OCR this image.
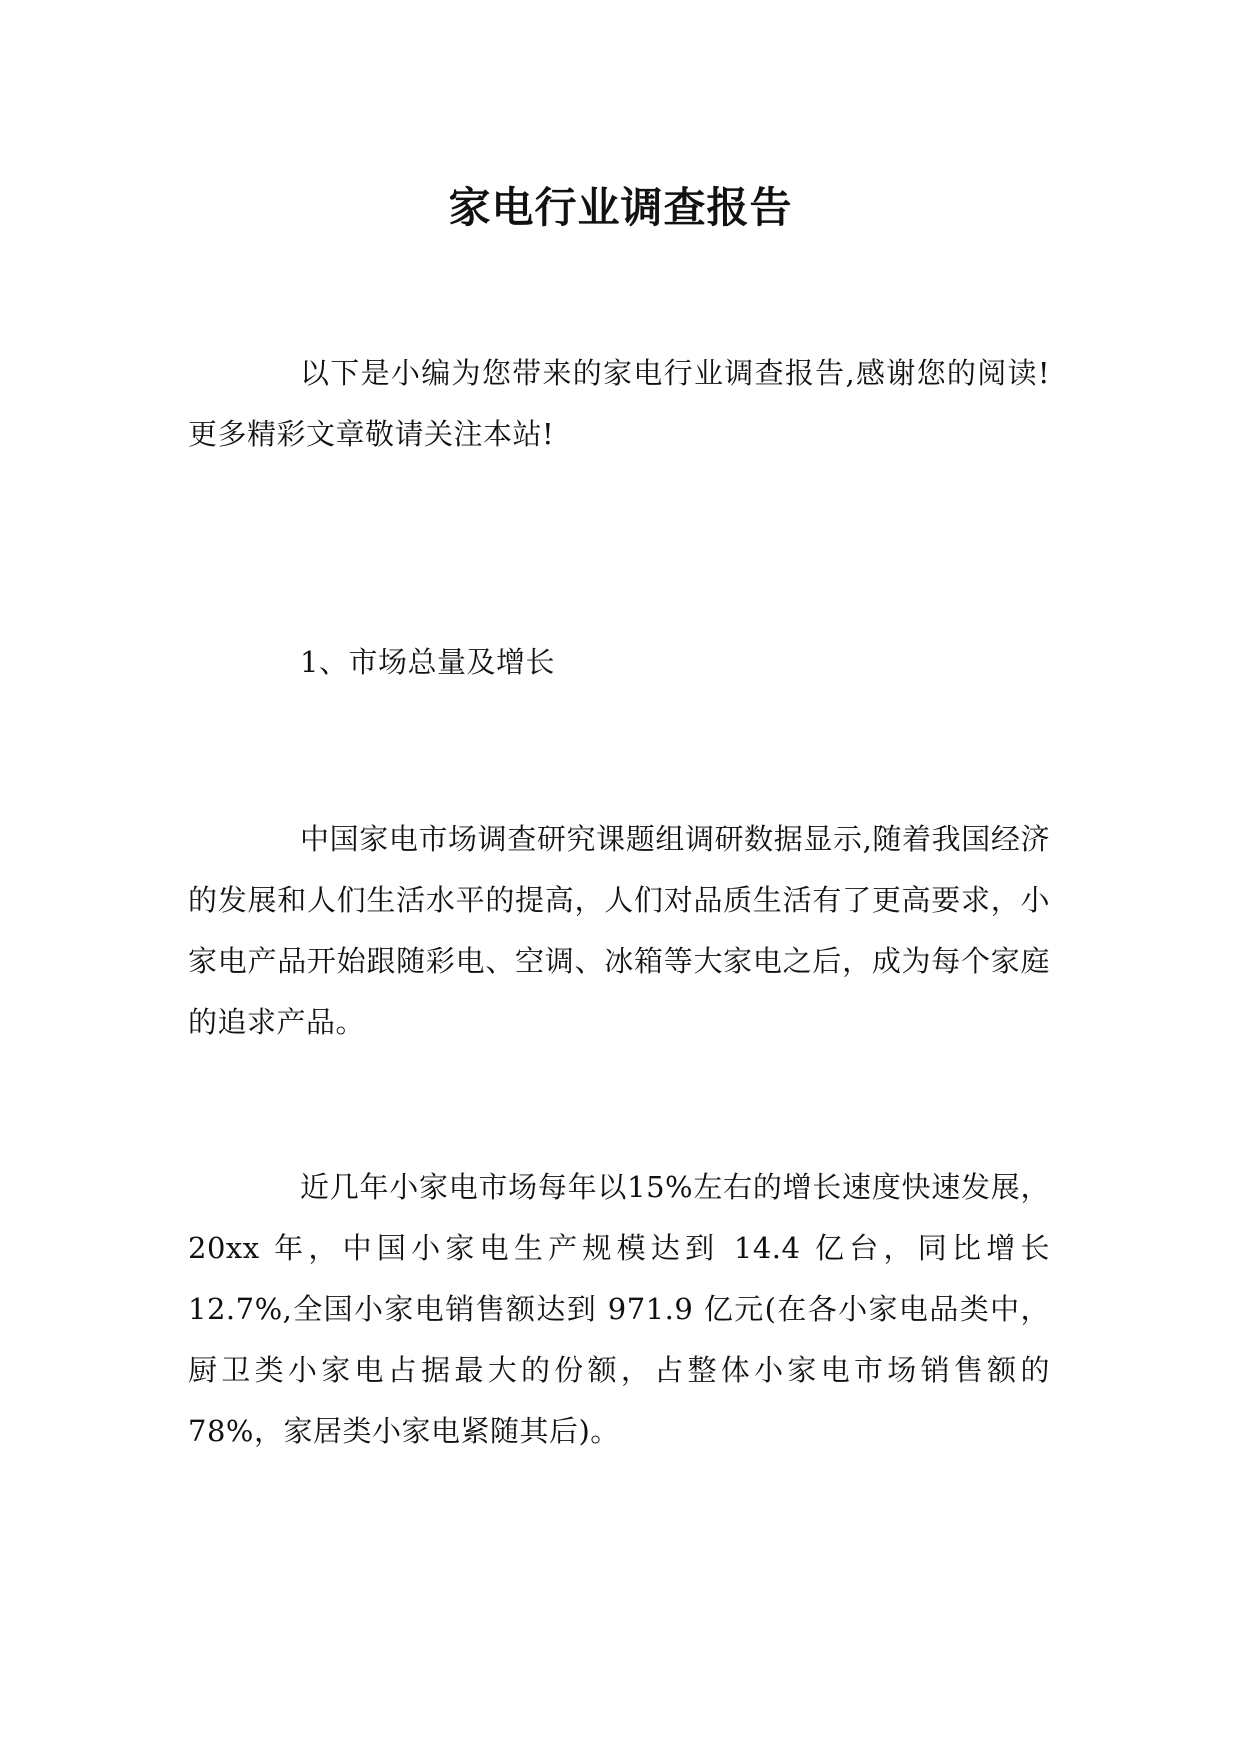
家电行业调查报告

以下是小编为您带来的家电行业调查报告,感谢您的阅读!更多精彩文章敬请关注本站!

1、市场总量及增长

中国家电市场调查研究课题组调研数据显示,随着我国经济的发展和人们生活水平的提高，人们对品质生活有了更高要求，小家电产品开始跟随彩电、空调、冰箱等大家电之后，成为每个家庭的追求产品。

近几年小家电市场每年以15%左右的增长速度快速发展，20xx 年，中国小家电生产规模达到 14.4 亿台，同比增长 12.7%,全国小家电销售额达到 971.9 亿元(在各小家电品类中，厨卫类小家电占据最大的份额，占整体小家电市场销售额的 78%，家居类小家电紧随其后)。
